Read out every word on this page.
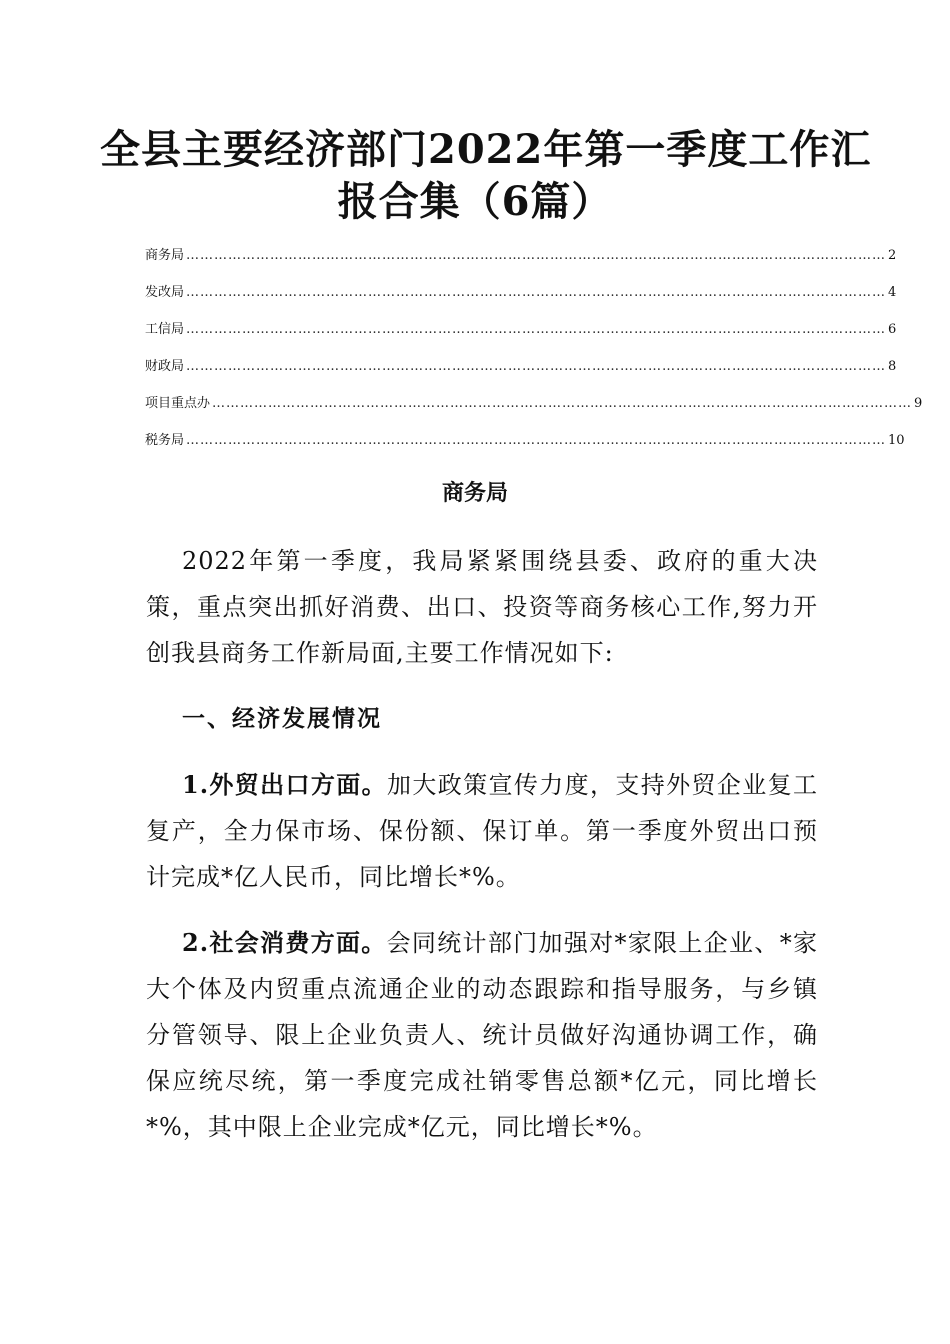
全县主要经济部门2022年第一季度工作汇
报合集（6篇）
商务局 …………………………………………………………………………………………………………………………………… 2
发改局 …………………………………………………………………………………………………………………………………… 4
工信局 …………………………………………………………………………………………………………………………………… 6
财政局 …………………………………………………………………………………………………………………………………… 8
项目重点办 …………………………………………………………………………………………………………………………………… 9
税务局 …………………………………………………………………………………………………………………………………… 10
商务局
2022年第一季度，我局紧紧围绕县委、政府的重大决策，重点突出抓好消费、出口、投资等商务核心工作,努力开创我县商务工作新局面,主要工作情况如下:
一、经济发展情况
1.外贸出口方面。加大政策宣传力度，支持外贸企业复工复产，全力保市场、保份额、保订单。第一季度外贸出口预计完成*亿人民币，同比增长*%。
2.社会消费方面。会同统计部门加强对*家限上企业、*家大个体及内贸重点流通企业的动态跟踪和指导服务，与乡镇分管领导、限上企业负责人、统计员做好沟通协调工作，确保应统尽统，第一季度完成社销零售总额*亿元，同比增长*%，其中限上企业完成*亿元，同比增长*%。
